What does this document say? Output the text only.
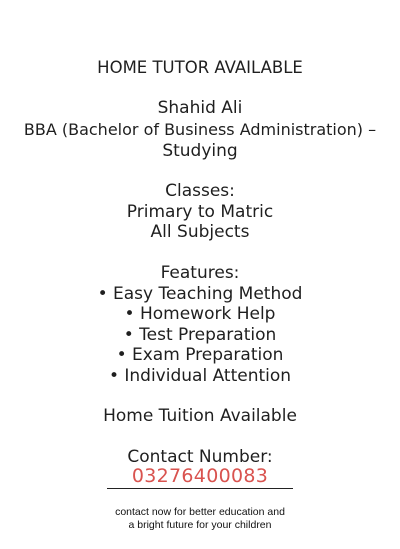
HOME TUTOR AVAILABLE
Shahid Ali
BBA (Bachelor of Business Administration) –
Studying
Classes:
Primary to Matric
All Subjects
Features:
• Easy Teaching Method
• Homework Help
• Test Preparation
• Exam Preparation
• Individual Attention
Home Tuition Available
Contact Number:
03276400083
contact now for better education and
a bright future for your children
